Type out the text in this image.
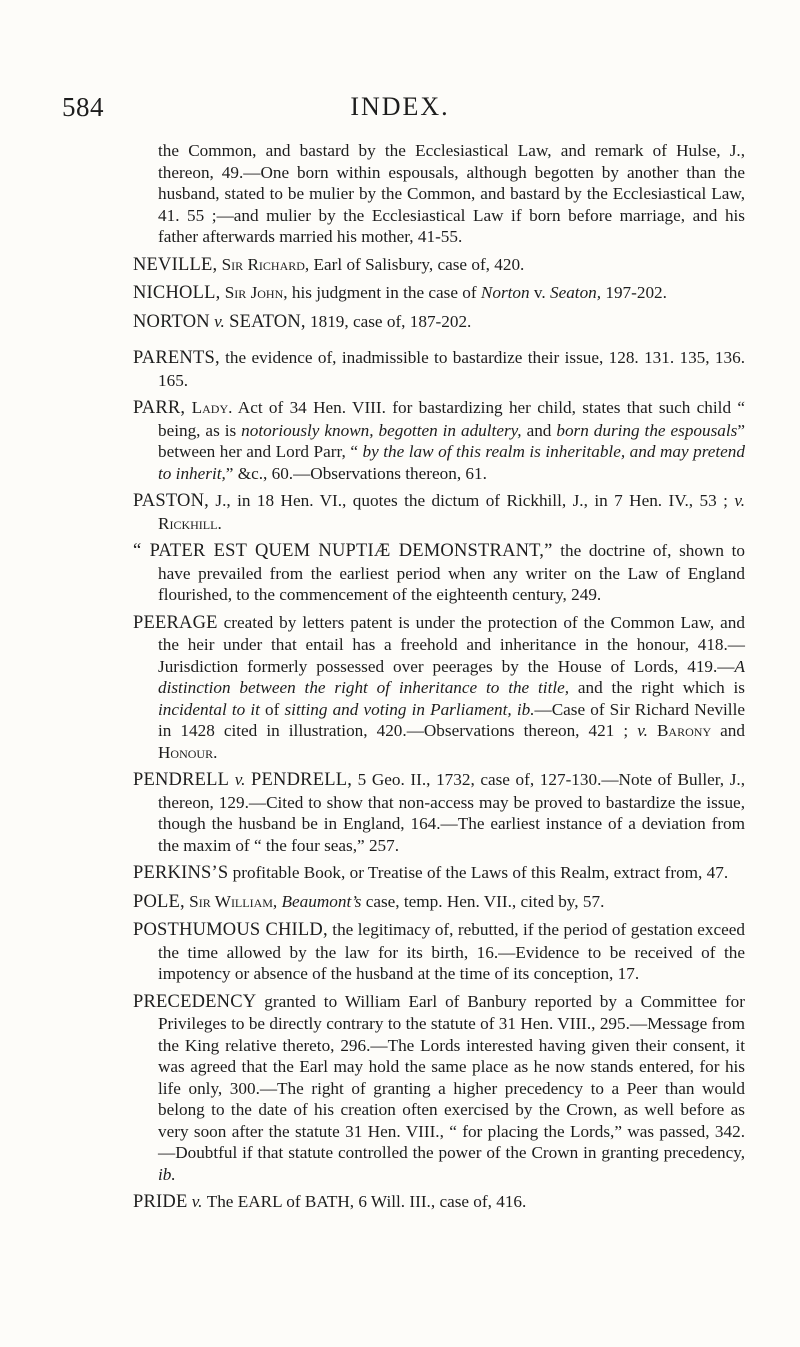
584	INDEX.

the Common, and bastard by the Ecclesiastical Law, and remark of Hulse, J., thereon, 49.—One born within espousals, although begotten by another than the husband, stated to be mulier by the Common, and bastard by the Ecclesiastical Law, 41. 55 ;—and mulier by the Ecclesiastical Law if born before marriage, and his father afterwards married his mother, 41-55.

NEVILLE, Sir Richard, Earl of Salisbury, case of, 420.

NICHOLL, Sir John, his judgment in the case of Norton v. Seaton, 197-202.

NORTON v. SEATON, 1819, case of, 187-202.

PARENTS, the evidence of, inadmissible to bastardize their issue, 128. 131. 135, 136. 165.

PARR, Lady. Act of 34 Hen. VIII. for bastardizing her child, states that such child “ being, as is notoriously known, begotten in adultery, and born during the espousals” between her and Lord Parr, “ by the law of this realm is inheritable, and may pretend to inherit,” &c., 60.—Observations thereon, 61.

PASTON, J., in 18 Hen. VI., quotes the dictum of Rickhill, J., in 7 Hen. IV., 53 ; v. Rickhill.

“ PATER EST QUEM NUPTIÆ DEMONSTRANT,” the doctrine of, shown to have prevailed from the earliest period when any writer on the Law of England flourished, to the commencement of the eighteenth century, 249.

PEERAGE created by letters patent is under the protection of the Common Law, and the heir under that entail has a freehold and inheritance in the honour, 418.—Jurisdiction formerly possessed over peerages by the House of Lords, 419.—A distinction between the right of inheritance to the title, and the right which is incidental to it of sitting and voting in Parliament, ib.—Case of Sir Richard Neville in 1428 cited in illustration, 420.—Observations thereon, 421 ; v. Barony and Honour.

PENDRELL v. PENDRELL, 5 Geo. II., 1732, case of, 127-130.—Note of Buller, J., thereon, 129.—Cited to show that non-access may be proved to bastardize the issue, though the husband be in England, 164.—The earliest instance of a deviation from the maxim of “ the four seas,” 257.

PERKINS’S profitable Book, or Treatise of the Laws of this Realm, extract from, 47.

POLE, Sir William, Beaumont’s case, temp. Hen. VII., cited by, 57.

POSTHUMOUS CHILD, the legitimacy of, rebutted, if the period of gestation exceed the time allowed by the law for its birth, 16.—Evidence to be received of the impotency or absence of the husband at the time of its conception, 17.

PRECEDENCY granted to William Earl of Banbury reported by a Committee for Privileges to be directly contrary to the statute of 31 Hen. VIII., 295.—Message from the King relative thereto, 296.—The Lords interested having given their consent, it was agreed that the Earl may hold the same place as he now stands entered, for his life only, 300.—The right of granting a higher precedency to a Peer than would belong to the date of his creation often exercised by the Crown, as well before as very soon after the statute 31 Hen. VIII., “ for placing the Lords,” was passed, 342.—Doubtful if that statute controlled the power of the Crown in granting precedency, ib.

PRIDE v. The EARL of BATH, 6 Will. III., case of, 416.
